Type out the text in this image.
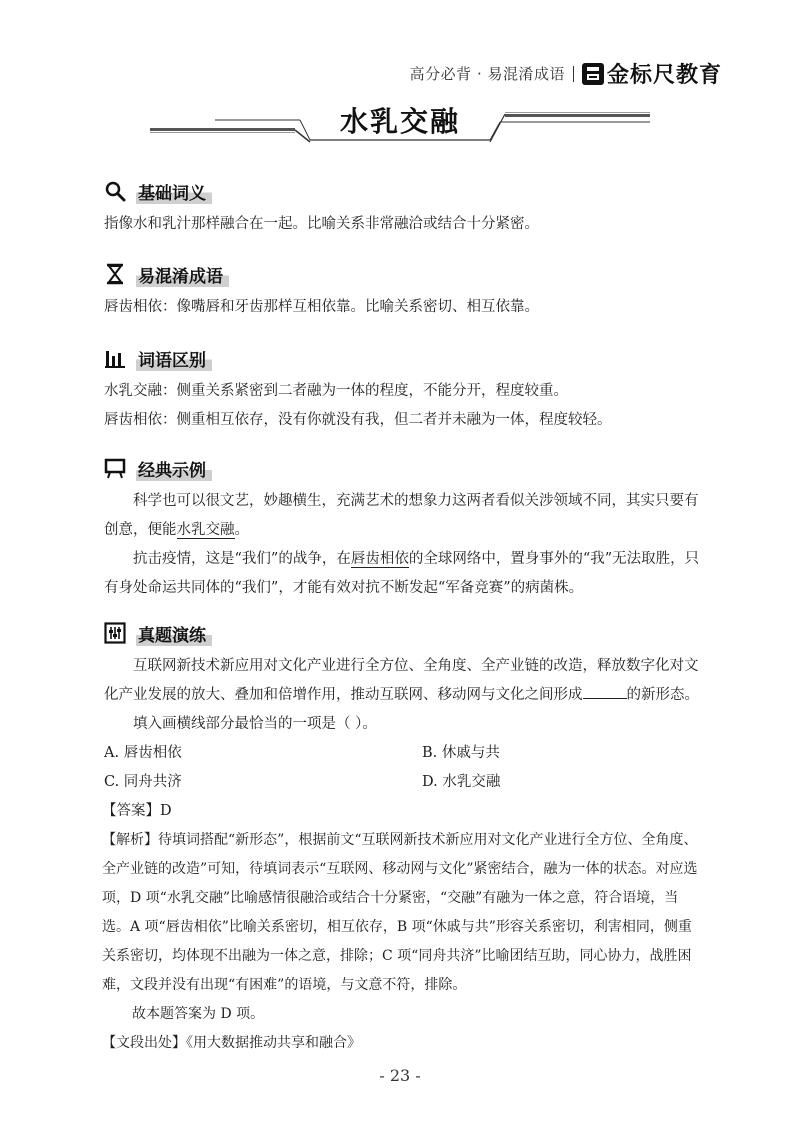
高分必背 · 易混淆成语 金标尺教育
水乳交融
基础词义
指像水和乳汁那样融合在一起。比喻关系非常融洽或结合十分紧密。
易混淆成语
唇齿相依：像嘴唇和牙齿那样互相依靠。比喻关系密切、相互依靠。
词语区别
水乳交融：侧重关系紧密到二者融为一体的程度，不能分开，程度较重。
唇齿相依：侧重相互依存，没有你就没有我，但二者并未融为一体，程度较轻。
经典示例
科学也可以很文艺，妙趣横生，充满艺术的想象力这两者看似关涉领域不同，其实只要有创意，便能水乳交融。
抗击疫情，这是“我们”的战争，在唇齿相依的全球网络中，置身事外的“我”无法取胜，只有身处命运共同体的“我们”，才能有效对抗不断发起“军备竞赛”的病菌株。
真题演练
互联网新技术新应用对文化产业进行全方位、全角度、全产业链的改造，释放数字化对文化产业发展的放大、叠加和倍增作用，推动互联网、移动网与文化之间形成	的新形态。
填入画横线部分最恰当的一项是（ ）。
A. 唇齿相依	B. 休戚与共
C. 同舟共济	D. 水乳交融
【答案】D
【解析】待填词搭配“新形态”，根据前文“互联网新技术新应用对文化产业进行全方位、全角度、全产业链的改造”可知，待填词表示“互联网、移动网与文化”紧密结合，融为一体的状态。对应选项，D 项“水乳交融”比喻感情很融洽或结合十分紧密，“交融”有融为一体之意，符合语境，当选。A 项“唇齿相依”比喻关系密切，相互依存，B 项“休戚与共”形容关系密切，利害相同，侧重关系密切，均体现不出融为一体之意，排除；C 项“同舟共济”比喻团结互助，同心协力，战胜困难，文段并没有出现“有困难”的语境，与文意不符，排除。
故本题答案为 D 项。
【文段出处】《用大数据推动共享和融合》
- 23 -
